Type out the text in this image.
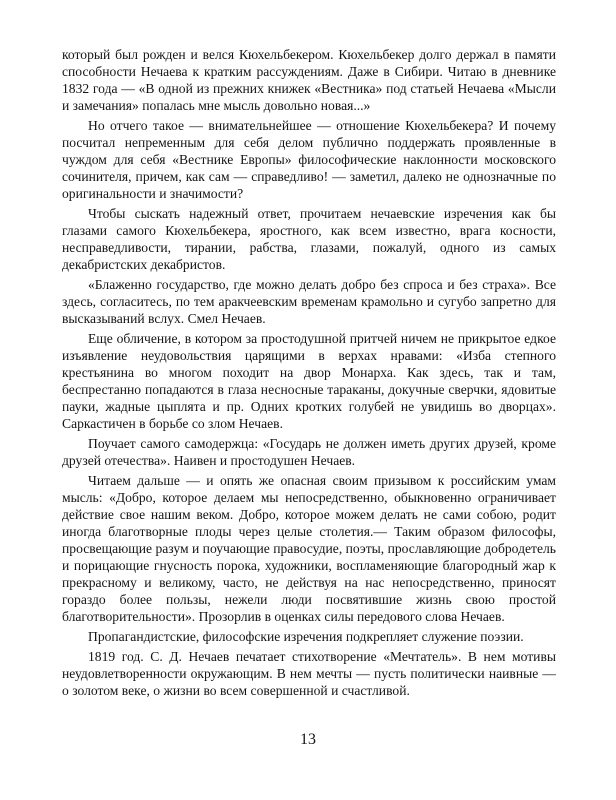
который был рожден и велся Кюхельбекером. Кюхельбекер долго держал в памяти способности Нечаева к кратким рассуждениям. Даже в Сибири. Читаю в дневнике 1832 года — «В одной из прежних книжек «Вестника» под статьей Нечаева «Мысли и замечания» попалась мне мысль довольно новая...»

Но отчего такое — внимательнейшее — отношение Кюхельбекера? И почему посчитал непременным для себя делом публично поддержать проявленные в чуждом для себя «Вестнике Европы» философические наклонности московского сочинителя, причем, как сам — справедливо! — заметил, далеко не однозначные по оригинальности и значимости?

Чтобы сыскать надежный ответ, прочитаем нечаевские изречения как бы глазами самого Кюхельбекера, яростного, как всем известно, врага косности, несправедливости, тирании, рабства, глазами, пожалуй, одного из самых декабристских декабристов.

«Блаженно государство, где можно делать добро без спроса и без страха». Все здесь, согласитесь, по тем аракчеевским временам крамольно и сугубо запретно для высказываний вслух. Смел Нечаев.

Еще обличение, в котором за простодушной притчей ничем не прикрытое едкое изъявление неудовольствия царящими в верхах нравами: «Изба степного крестьянина во многом походит на двор Монарха. Как здесь, так и там, беспрестанно попадаются в глаза несносные тараканы, докучные сверчки, ядовитые пауки, жадные цыплята и пр. Одних кротких голубей не увидишь во дворцах». Саркастичен в борьбе со злом Нечаев.

Поучает самого самодержца: «Государь не должен иметь других друзей, кроме друзей отечества». Наивен и простодушен Нечаев.

Читаем дальше — и опять же опасная своим призывом к российским умам мысль: «Добро, которое делаем мы непосредственно, обыкновенно ограничивает действие свое нашим веком. Добро, которое можем делать не сами собою, родит иногда благотворные плоды через целые столетия.— Таким образом философы, просвещающие разум и поучающие правосудие, поэты, прославляющие добродетель и порицающие гнусность порока, художники, воспламеняющие благородный жар к прекрасному и великому, часто, не действуя на нас непосредственно, приносят гораздо более пользы, нежели люди посвятившие жизнь свою простой благотворительности». Прозорлив в оценках силы передового слова Нечаев.

Пропагандистские, философские изречения подкрепляет служение поэзии.

1819 год. С. Д. Нечаев печатает стихотворение «Мечтатель». В нем мотивы неудовлетворенности окружающим. В нем мечты — пусть политически наивные — о золотом веке, о жизни во всем совершенной и счастливой.

13
